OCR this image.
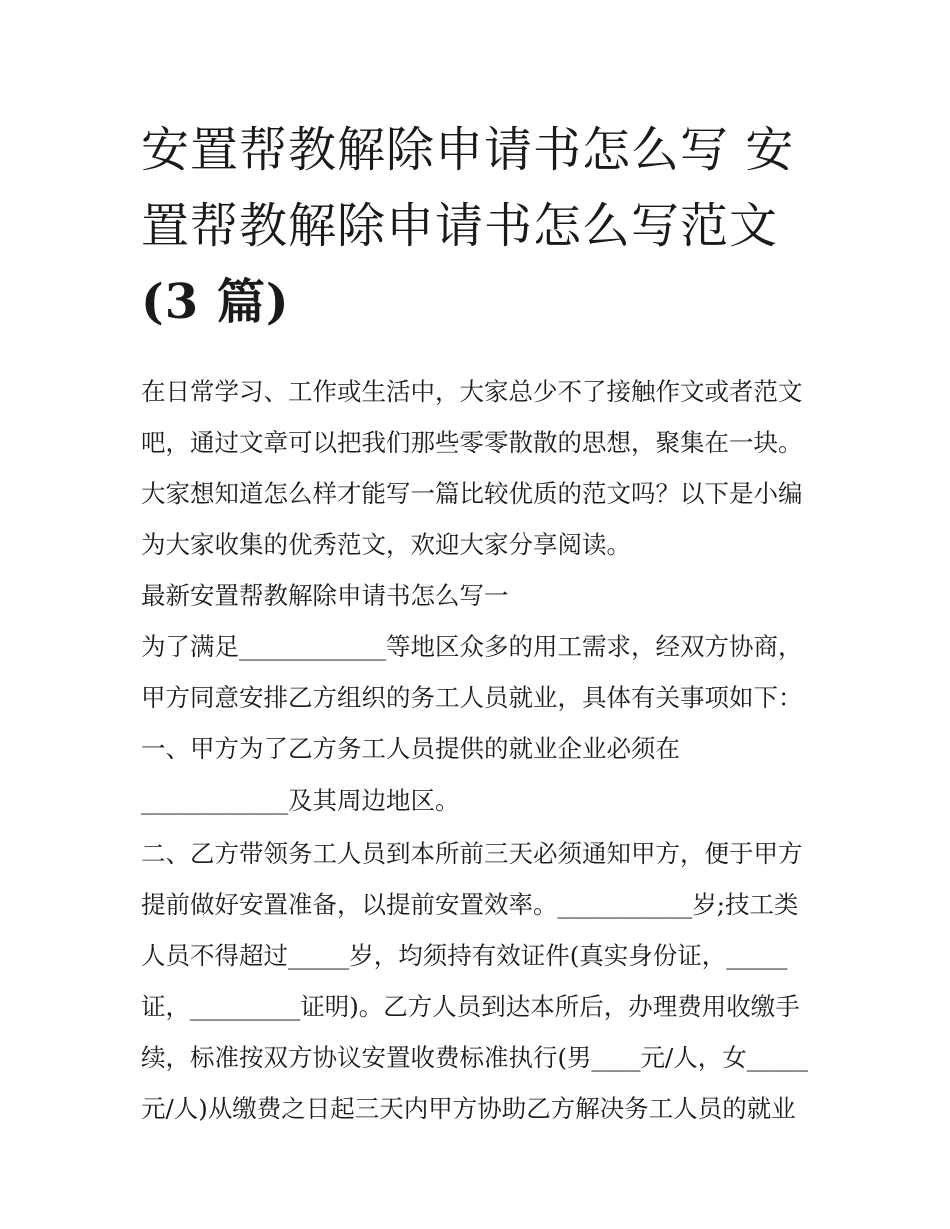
安置帮教解除申请书怎么写 安
置帮教解除申请书怎么写范文
(3 篇)
在日常学习、工作或生活中，大家总少不了接触作文或者范文
吧，通过文章可以把我们那些零零散散的思想，聚集在一块。
大家想知道怎么样才能写一篇比较优质的范文吗？以下是小编
为大家收集的优秀范文，欢迎大家分享阅读。
最新安置帮教解除申请书怎么写一
为了满足____________等地区众多的用工需求，经双方协商，
甲方同意安排乙方组织的务工人员就业，具体有关事项如下：
一、甲方为了乙方务工人员提供的就业企业必须在
____________及其周边地区。
二、乙方带领务工人员到本所前三天必须通知甲方，便于甲方
提前做好安置准备，以提前安置效率。___________岁;技工类
人员不得超过_____岁，均须持有效证件(真实身份证，_____
证，_________证明)。乙方人员到达本所后，办理费用收缴手
续，标准按双方协议安置收费标准执行(男____元/人，女_____
元/人)从缴费之日起三天内甲方协助乙方解决务工人员的就业
